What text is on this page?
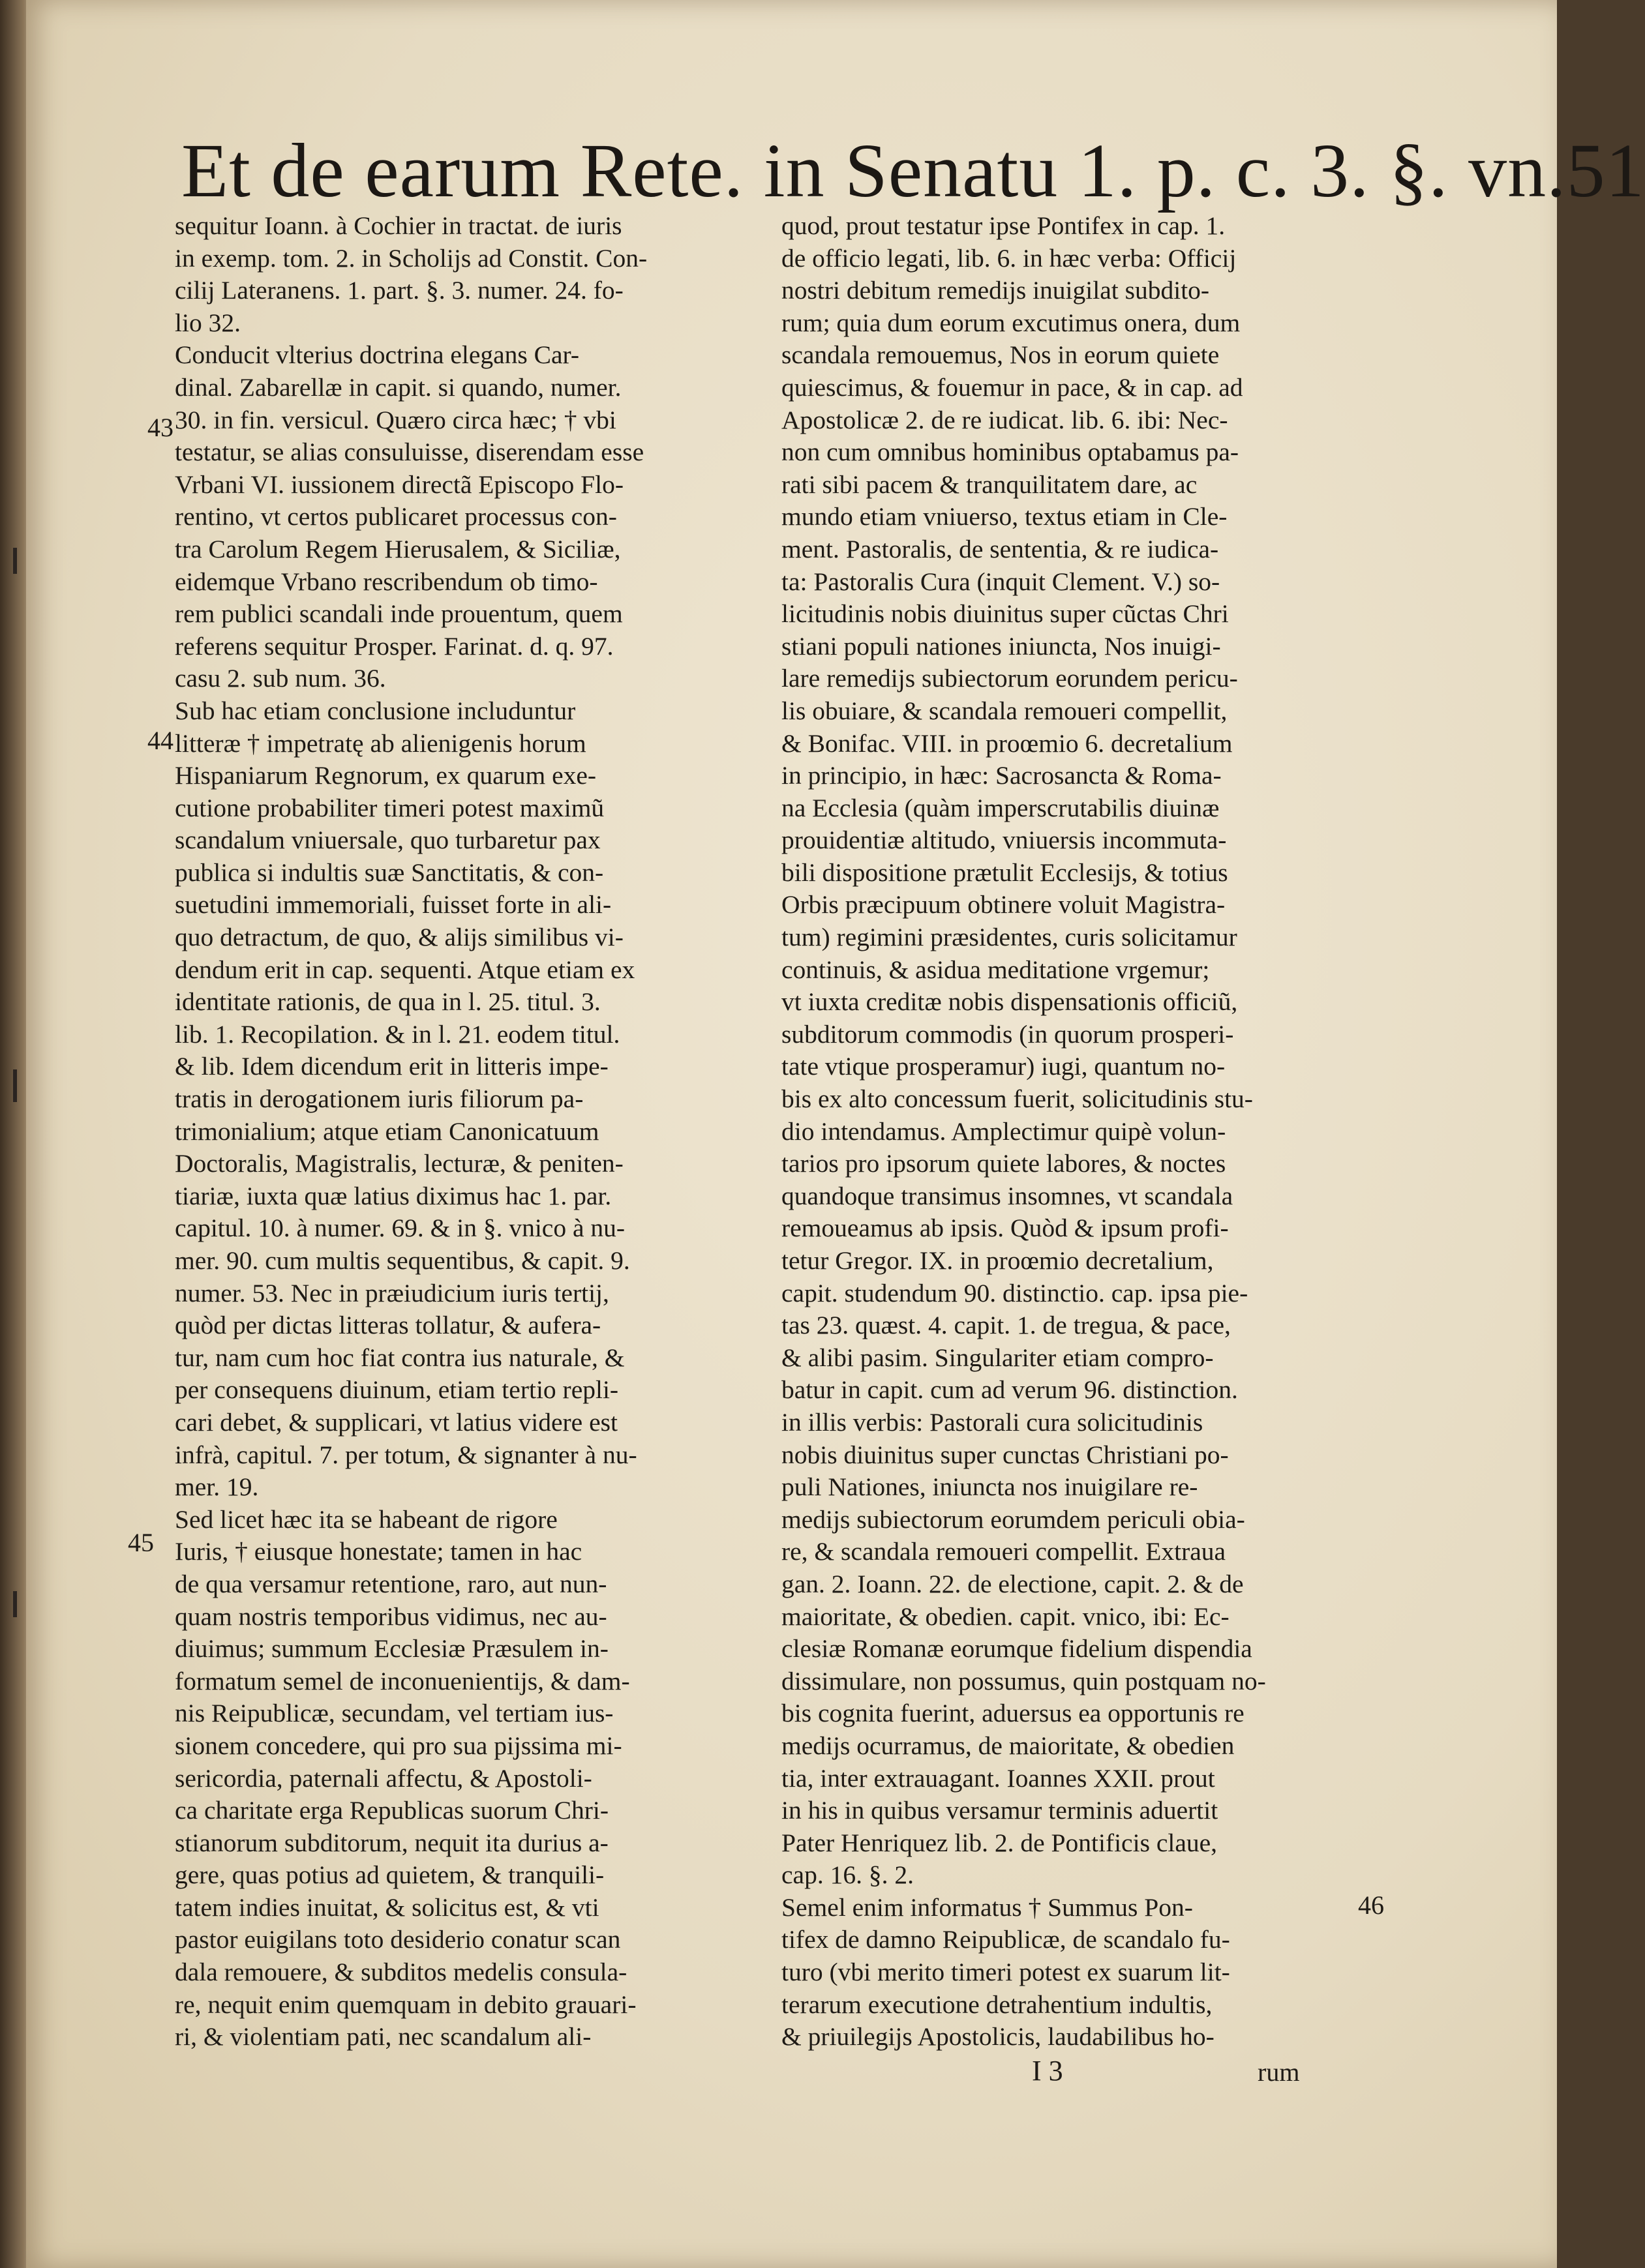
Et de earum Rete. in Senatu 1. p. c. 3. §. vn. 51
43
44
45
46
sequitur Ioann. à Cochier in tractat. de iuris
in exemp. tom. 2. in Scholijs ad Constit. Con-
cilij Lateranens. 1. part. §. 3. numer. 24. fo-
lio 32.
Conducit vlterius doctrina elegans Car-
dinal. Zabarellæ in capit. si quando, numer.
30. in fin. versicul. Quæro circa hæc; † vbi
testatur, se alias consuluisse, diserendam esse
Vrbani VI. iussionem directã Episcopo Flo-
rentino, vt certos publicaret processus con-
tra Carolum Regem Hierusalem, & Siciliæ,
eidemque Vrbano rescribendum ob timo-
rem publici scandali inde prouentum, quem
referens sequitur Prosper. Farinat. d. q. 97.
casu 2. sub num. 36.
Sub hac etiam conclusione includuntur
litteræ † impetratę ab alienigenis horum
Hispaniarum Regnorum, ex quarum exe-
cutione probabiliter timeri potest maximũ
scandalum vniuersale, quo turbaretur pax
publica si indultis suæ Sanctitatis, & con-
suetudini immemoriali, fuisset forte in ali-
quo detractum, de quo, & alijs similibus vi-
dendum erit in cap. sequenti. Atque etiam ex
identitate rationis, de qua in l. 25. titul. 3.
lib. 1. Recopilation. & in l. 21. eodem titul.
& lib. Idem dicendum erit in litteris impe-
tratis in derogationem iuris filiorum pa-
trimonialium; atque etiam Canonicatuum
Doctoralis, Magistralis, lecturæ, & peniten-
tiariæ, iuxta quæ latius diximus hac 1. par.
capitul. 10. à numer. 69. & in §. vnico à nu-
mer. 90. cum multis sequentibus, & capit. 9.
numer. 53. Nec in præiudicium iuris tertij,
quòd per dictas litteras tollatur, & aufera-
tur, nam cum hoc fiat contra ius naturale, &
per consequens diuinum, etiam tertio repli-
cari debet, & supplicari, vt latius videre est
infrà, capitul. 7. per totum, & signanter à nu-
mer. 19.
Sed licet hæc ita se habeant de rigore
Iuris, † eiusque honestate; tamen in hac
de qua versamur retentione, raro, aut nun-
quam nostris temporibus vidimus, nec au-
diuimus; summum Ecclesiæ Præsulem in-
formatum semel de inconuenientijs, & dam-
nis Reipublicæ, secundam, vel tertiam ius-
sionem concedere, qui pro sua pijssima mi-
sericordia, paternali affectu, & Apostoli-
ca charitate erga Republicas suorum Chri-
stianorum subditorum, nequit ita durius a-
gere, quas potius ad quietem, & tranquili-
tatem indies inuitat, & solicitus est, & vti
pastor euigilans toto desiderio conatur scan
dala remouere, & subditos medelis consula-
re, nequit enim quemquam in debito grauari-
ri, & violentiam pati, nec scandalum ali-
quod, prout testatur ipse Pontifex in cap. 1.
de officio legati, lib. 6. in hæc verba: Officij
nostri debitum remedijs inuigilat subdito-
rum; quia dum eorum excutimus onera, dum
scandala remouemus, Nos in eorum quiete
quiescimus, & fouemur in pace, & in cap. ad
Apostolicæ 2. de re iudicat. lib. 6. ibi: Nec-
non cum omnibus hominibus optabamus pa-
rati sibi pacem & tranquilitatem dare, ac
mundo etiam vniuerso, textus etiam in Cle-
ment. Pastoralis, de sententia, & re iudica-
ta: Pastoralis Cura (inquit Clement. V.) so-
licitudinis nobis diuinitus super cũctas Chri
stiani populi nationes iniuncta, Nos inuigi-
lare remedijs subiectorum eorundem pericu-
lis obuiare, & scandala remoueri compellit,
& Bonifac. VIII. in proœmio 6. decretalium
in principio, in hæc: Sacrosancta & Roma-
na Ecclesia (quàm imperscrutabilis diuinæ
prouidentiæ altitudo, vniuersis incommuta-
bili dispositione prætulit Ecclesijs, & totius
Orbis præcipuum obtinere voluit Magistra-
tum) regimini præsidentes, curis solicitamur
continuis, & asidua meditatione vrgemur;
vt iuxta creditæ nobis dispensationis officiũ,
subditorum commodis (in quorum prosperi-
tate vtique prosperamur) iugi, quantum no-
bis ex alto concessum fuerit, solicitudinis stu-
dio intendamus. Amplectimur quipè volun-
tarios pro ipsorum quiete labores, & noctes
quandoque transimus insomnes, vt scandala
remoueamus ab ipsis. Quòd & ipsum profi-
tetur Gregor. IX. in proœmio decretalium,
capit. studendum 90. distinctio. cap. ipsa pie-
tas 23. quæst. 4. capit. 1. de tregua, & pace,
& alibi pasim. Singulariter etiam compro-
batur in capit. cum ad verum 96. distinction.
in illis verbis: Pastorali cura solicitudinis
nobis diuinitus super cunctas Christiani po-
puli Nationes, iniuncta nos inuigilare re-
medijs subiectorum eorumdem periculi obia-
re, & scandala remoueri compellit. Extraua
gan. 2. Ioann. 22. de electione, capit. 2. & de
maioritate, & obedien. capit. vnico, ibi: Ec-
clesiæ Romanæ eorumque fidelium dispendia
dissimulare, non possumus, quin postquam no-
bis cognita fuerint, aduersus ea opportunis re
medijs ocurramus, de maioritate, & obedien
tia, inter extrauagant. Ioannes XXII. prout
in his in quibus versamur terminis aduertit
Pater Henriquez lib. 2. de Pontificis claue,
cap. 16. §. 2.
Semel enim informatus † Summus Pon-
tifex de damno Reipublicæ, de scandalo fu-
turo (vbi merito timeri potest ex suarum lit-
terarum executione detrahentium indultis,
& priuilegijs Apostolicis, laudabilibus ho-
I 3	rum
